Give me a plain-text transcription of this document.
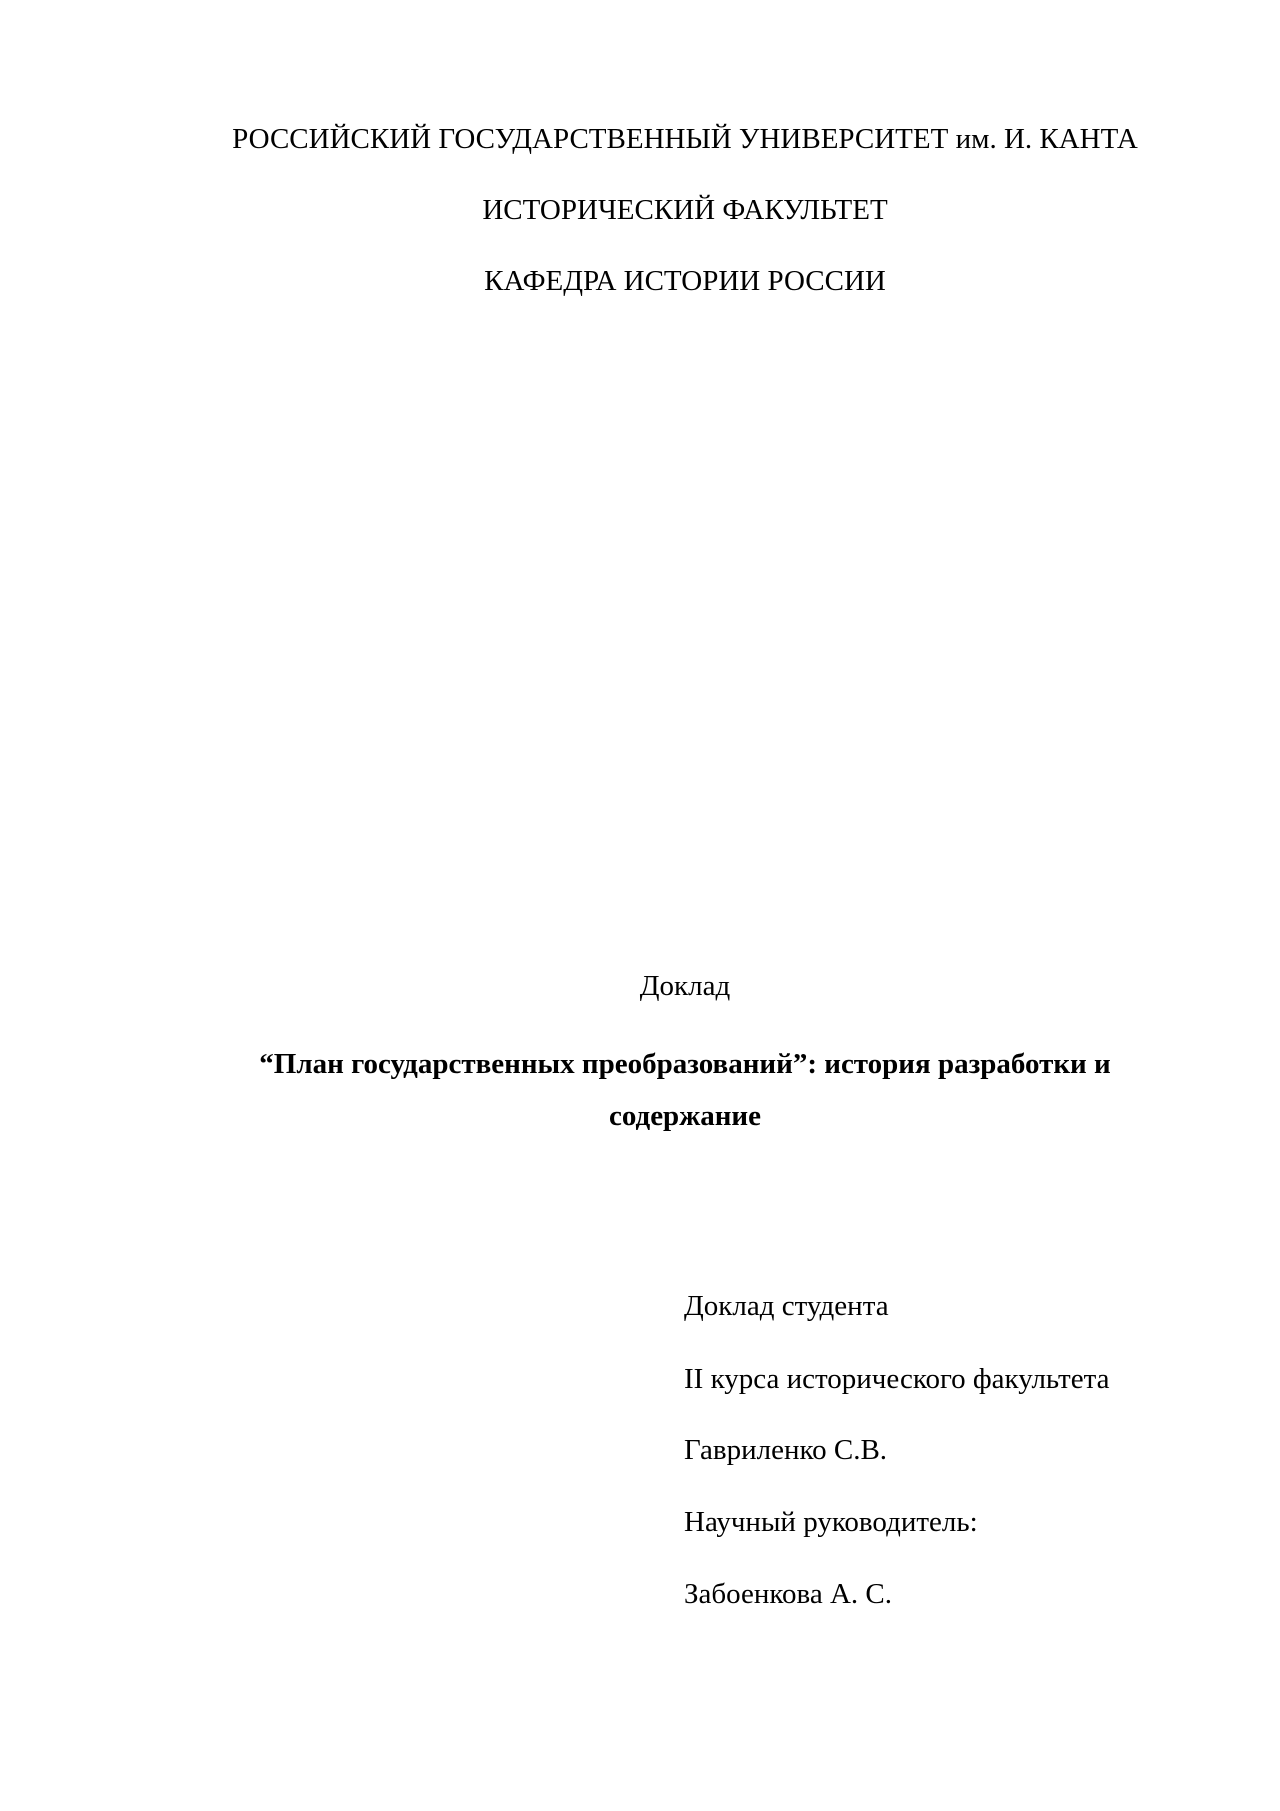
РОССИЙСКИЙ ГОСУДАРСТВЕННЫЙ УНИВЕРСИТЕТ им. И. КАНТА
ИСТОРИЧЕСКИЙ ФАКУЛЬТЕТ
КАФЕДРА ИСТОРИИ РОССИИ
Доклад
“План государственных преобразований”: история разработки и содержание
Доклад студента
II курса исторического факультета
Гавриленко С.В.
Научный руководитель:
Забоенкова А. С.
